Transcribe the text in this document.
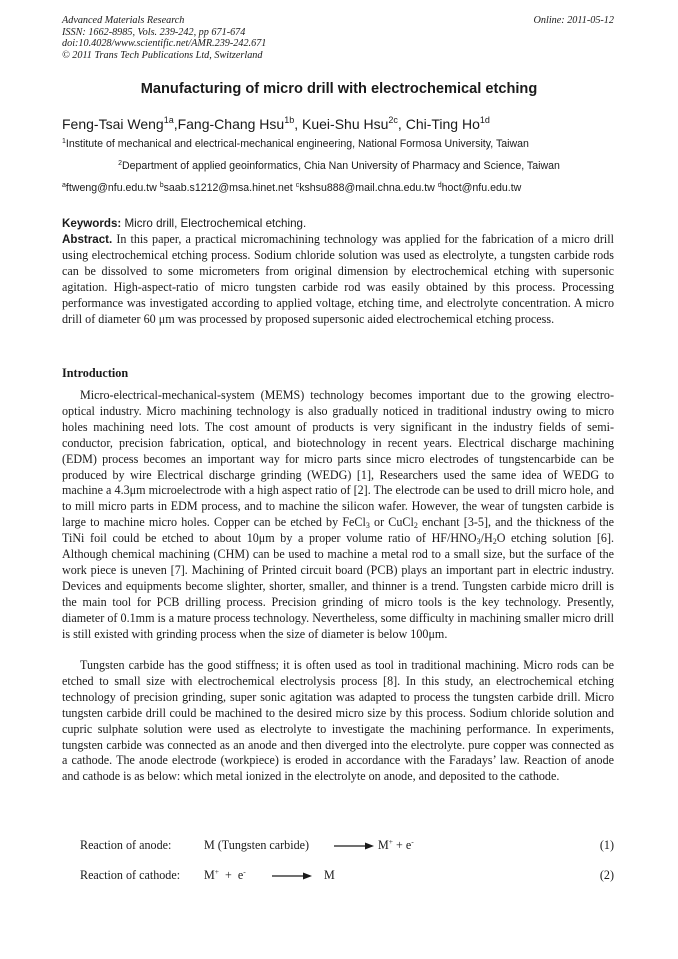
Advanced Materials Research
ISSN: 1662-8985, Vols. 239-242, pp 671-674
doi:10.4028/www.scientific.net/AMR.239-242.671
© 2011 Trans Tech Publications Ltd, Switzerland
Online: 2011-05-12
Manufacturing of micro drill with electrochemical etching
Feng-Tsai Weng$^{1a}$,Fang-Chang Hsu$^{1b}$, Kuei-Shu Hsu$^{2c}$, Chi-Ting $Ho^{1d}$
$^1$Institute of mechanical and electrical-mechanical engineering, National Formosa University, Taiwan
$^2$Department of applied geoinformatics, Chia Nan University of Pharmacy and Science, Taiwan
$^a$ftweng@nfu.edu.tw $^b$saab.s1212@msa.hinet.net $^c$kshsu888@mail.chna.edu.tw $^d$hoct@nfu.edu.tw
Keywords: Micro drill, Electrochemical etching.
Abstract. In this paper, a practical micromachining technology was applied for the fabrication of a micro drill using electrochemical etching process. Sodium chloride solution was used as electrolyte, a tungsten carbide rods can be dissolved to some micrometers from original dimension by electrochemical etching with supersonic agitation. High-aspect-ratio of micro tungsten carbide rod was easily obtained by this process. Processing performance was investigated according to applied voltage, etching time, and electrolyte concentration. A micro drill of diameter 60 μm was processed by proposed supersonic aided electrochemical etching process.
Introduction
Micro-electrical-mechanical-system (MEMS) technology becomes important due to the growing electro-optical industry. Micro machining technology is also gradually noticed in traditional industry owing to micro holes machining need lots. The cost amount of products is very significant in the industry fields of semi-conductor, precision fabrication, optical, and biotechnology in recent years. Electrical discharge machining (EDM) process becomes an important way for micro parts since micro electrodes of tungstencarbide can be produced by wire Electrical discharge grinding (WEDG) [1], Researchers used the same idea of WEDG to machine a 4.3μm microelectrode with a high aspect ratio of [2]. The electrode can be used to drill micro hole, and to mill micro parts in EDM process, and to machine the silicon wafer. However, the wear of tungsten carbide is large to machine micro holes. Copper can be etched by FeCl$_3$ or CuCl$_2$ enchant [3-5], and the thickness of the TiNi foil could be etched to about 10μm by a proper volume ratio of $HF/HNO_3/H_2O$ etching solution [6]. Although chemical machining (CHM) can be used to machine a metal rod to a small size, but the surface of the work piece is uneven [7]. Machining of Printed circuit board (PCB) plays an important part in electric industry. Devices and equipments become slighter, shorter, smaller, and thinner is a trend. Tungsten carbide micro drill is the main tool for PCB drilling process. Precision grinding of micro tools is the key technology. Presently, diameter of 0.1mm is a mature process technology. Nevertheless, some difficulty in machining smaller micro drill is still existed with grinding process when the size of diameter is below 100μm.
Tungsten carbide has the good stiffness; it is often used as tool in traditional machining. Micro rods can be etched to small size with electrochemical electrolysis process [8]. In this study, an electrochemical etching technology of precision grinding, super sonic agitation was adapted to process the tungsten carbide drill. Micro tungsten carbide drill could be machined to the desired micro size by this process. Sodium chloride solution and cupric sulphate solution were used as electrolyte to investigate the machining performance. In experiments, tungsten carbide was connected as an anode and then diverged into the electrolyte. pure copper was connected as a cathode. The anode electrode (workpiece) is eroded in accordance with the Faradays’ law. Reaction of anode and cathode is as below: which metal ionized in the electrolyte on anode, and deposited to the cathode.
Reaction of anode:	M (Tungsten carbide) → M+ + e-	(1)
Reaction of cathode: M+  +  e- → M	(2)
